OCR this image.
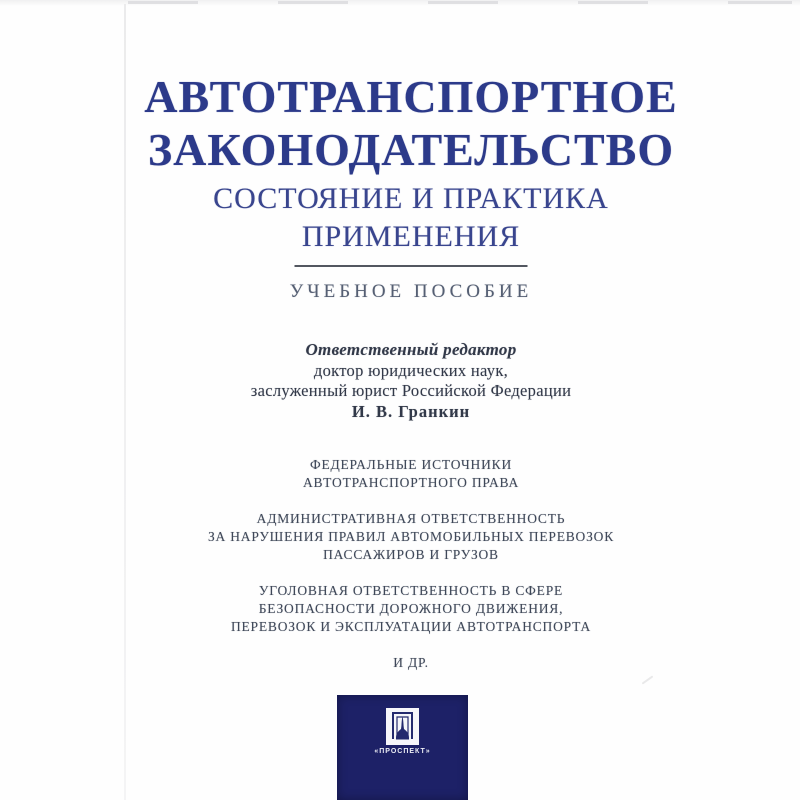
АВТОТРАНСПОРТНОЕ
ЗАКОНОДАТЕЛЬСТВО
СОСТОЯНИЕ И ПРАКТИКА
ПРИМЕНЕНИЯ
УЧЕБНОЕ ПОСОБИЕ
Ответственный редактор
доктор юридических наук,
заслуженный юрист Российской Федерации
И. В. Гранкин
ФЕДЕРАЛЬНЫЕ ИСТОЧНИКИ
АВТОТРАНСПОРТНОГО ПРАВА
АДМИНИСТРАТИВНАЯ ОТВЕТСТВЕННОСТЬ
ЗА НАРУШЕНИЯ ПРАВИЛ АВТОМОБИЛЬНЫХ ПЕРЕВОЗОК
ПАССАЖИРОВ И ГРУЗОВ
УГОЛОВНАЯ ОТВЕТСТВЕННОСТЬ В СФЕРЕ
БЕЗОПАСНОСТИ ДОРОЖНОГО ДВИЖЕНИЯ,
ПЕРЕВОЗОК И ЭКСПЛУАТАЦИИ АВТОТРАНСПОРТА
И ДР.
«ПРОСПЕКТ»
